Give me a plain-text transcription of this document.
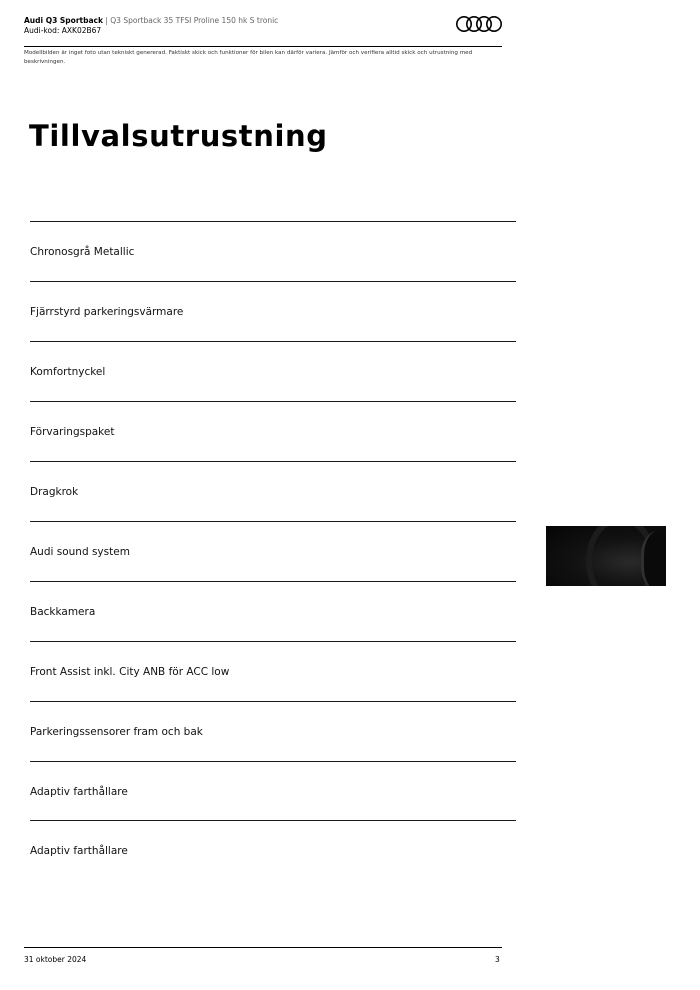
Audi Q3 Sportback | Q3 Sportback 35 TFSI Proline 150 hk S tronic
Audi-kod: AXK02B67
Modellbilden är inget foto utan tekniskt genererad. Faktiskt skick och funktioner för bilen kan därför variera. Jämför och verifiera alltid skick och utrustning med beskrivningen.
Tillvalsutrustning
Chronosgrå Metallic
Fjärrstyrd parkeringsvärmare
Komfortnyckel
Förvaringspaket
Dragkrok
Audi sound system
Backkamera
Front Assist inkl. City ANB för ACC low
Parkeringssensorer fram och bak
Adaptiv farthållare
Adaptiv farthållare
31 oktober 2024	3
